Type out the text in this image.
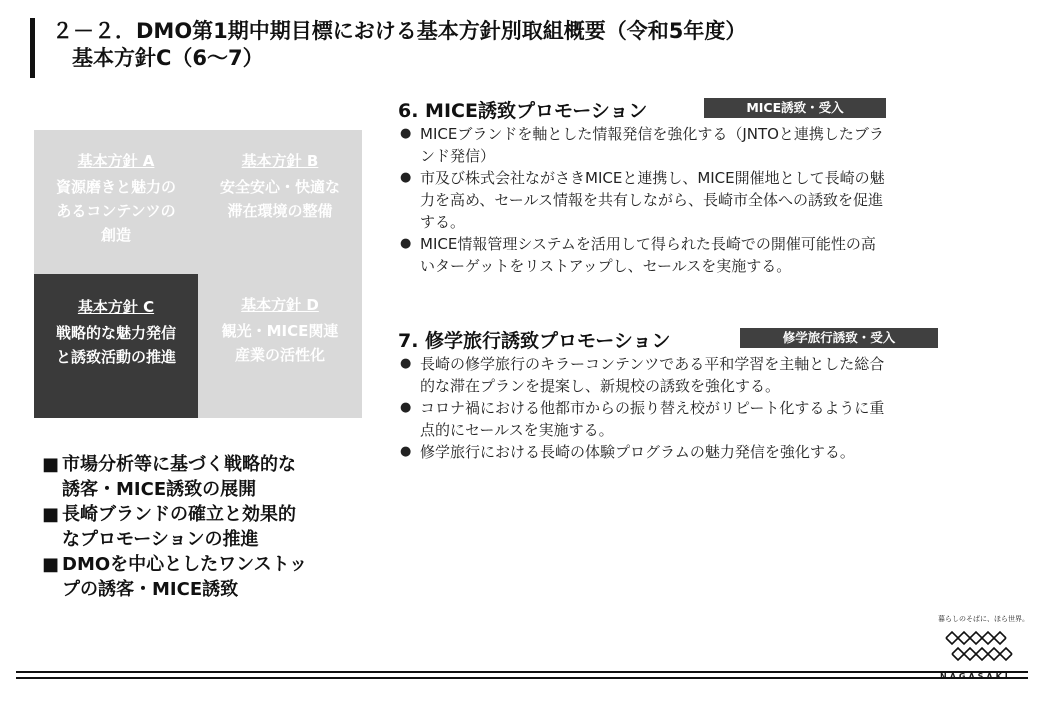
２－２．DMO第1期中期目標における基本方針別取組概要（令和5年度）
基本方針C（6〜7）
基本方針 A
資源磨きと魅力の
あるコンテンツの
創造
基本方針 B
安全安心・快適な
滞在環境の整備
基本方針 C
戦略的な魅力発信
と誘致活動の推進
基本方針 D
観光・MICE関連
産業の活性化
■ 市場分析等に基づく戦略的な
誘客・MICE誘致の展開
■ 長崎ブランドの確立と効果的
なプロモーションの推進
■ DMOを中心としたワンストッ
プの誘客・MICE誘致
6. MICE誘致プロモーション	MICE誘致・受入
● MICEブランドを軸とした情報発信を強化する（JNTOと連携したブラ
ンド発信）
● 市及び株式会社ながさきMICEと連携し、MICE開催地として長崎の魅
力を高め、セールス情報を共有しながら、長崎市全体への誘致を促進
する。
● MICE情報管理システムを活用して得られた長崎での開催可能性の高
いターゲットをリストアップし、セールスを実施する。
7. 修学旅行誘致プロモーション	修学旅行誘致・受入
● 長崎の修学旅行のキラーコンテンツである平和学習を主軸とした総合
的な滞在プランを提案し、新規校の誘致を強化する。
● コロナ禍における他都市からの振り替え校がリピート化するように重
点的にセールスを実施する。
● 修学旅行における長崎の体験プログラムの魅力発信を強化する。
暮らしのそばに、ほら世界。
